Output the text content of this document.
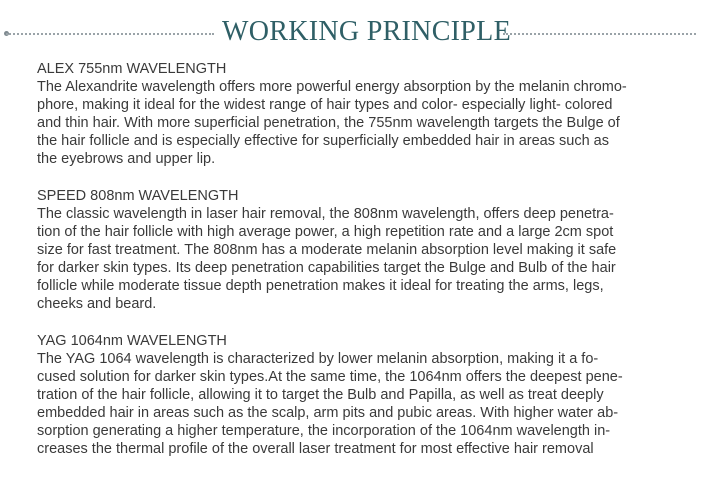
WORKING PRINCIPLE
ALEX 755nm WAVELENGTH
The Alexandrite wavelength offers more powerful energy absorption by the melanin chromo-
phore, making it ideal for the widest range of hair types and color- especially light- colored
and thin hair. With more superficial penetration, the 755nm wavelength targets the Bulge of
the hair follicle and is especially effective for superficially embedded hair in areas such as
the eyebrows and upper lip.
SPEED 808nm WAVELENGTH
The classic wavelength in laser hair removal, the 808nm wavelength, offers deep penetra-
tion of the hair follicle with high average power, a high repetition rate and a large 2cm spot
size for fast treatment. The 808nm has a moderate melanin absorption level making it safe
for darker skin types. Its deep penetration capabilities target the Bulge and Bulb of the hair
follicle while moderate tissue depth penetration makes it ideal for treating the arms, legs,
cheeks and beard.
YAG 1064nm WAVELENGTH
The YAG 1064 wavelength is characterized by lower melanin absorption, making it a fo-
cused solution for darker skin types.At the same time, the 1064nm offers the deepest pene-
tration of the hair follicle, allowing it to target the Bulb and Papilla, as well as treat deeply
embedded hair in areas such as the scalp, arm pits and pubic areas. With higher water ab-
sorption generating a higher temperature, the incorporation of the 1064nm wavelength in-
creases the thermal profile of the overall laser treatment for most effective hair removal
